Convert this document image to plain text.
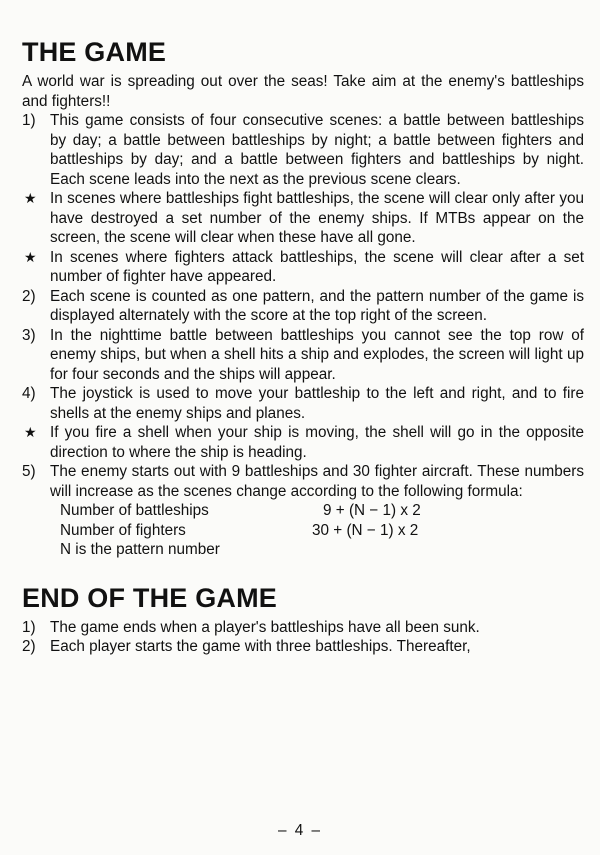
THE GAME

A world war is spreading out over the seas! Take aim at the enemy's battleships and fighters!!

1) This game consists of four consecutive scenes: a battle between battleships by day; a battle between battleships by night; a battle between fighters and battleships by day; and a battle between fighters and battleships by night. Each scene leads into the next as the previous scene clears.
★ In scenes where battleships fight battleships, the scene will clear only after you have destroyed a set number of the enemy ships. If MTBs appear on the screen, the scene will clear when these have all gone.
★ In scenes where fighters attack battleships, the scene will clear after a set number of fighter have appeared.
2) Each scene is counted as one pattern, and the pattern number of the game is displayed alternately with the score at the top right of the screen.
3) In the nighttime battle between battleships you cannot see the top row of enemy ships, but when a shell hits a ship and explodes, the screen will light up for four seconds and the ships will appear.
4) The joystick is used to move your battleship to the left and right, and to fire shells at the enemy ships and planes.
★ If you fire a shell when your ship is moving, the shell will go in the opposite direction to where the ship is heading.
5) The enemy starts out with 9 battleships and 30 fighter aircraft. These numbers will increase as the scenes change according to the following formula:
Number of battleships	9 + (N − 1) x 2
Number of fighters	30 + (N − 1) x 2
N is the pattern number
END OF THE GAME
1) The game ends when a player's battleships have all been sunk.
2) Each player starts the game with three battleships. Thereafter,
– 4 –
